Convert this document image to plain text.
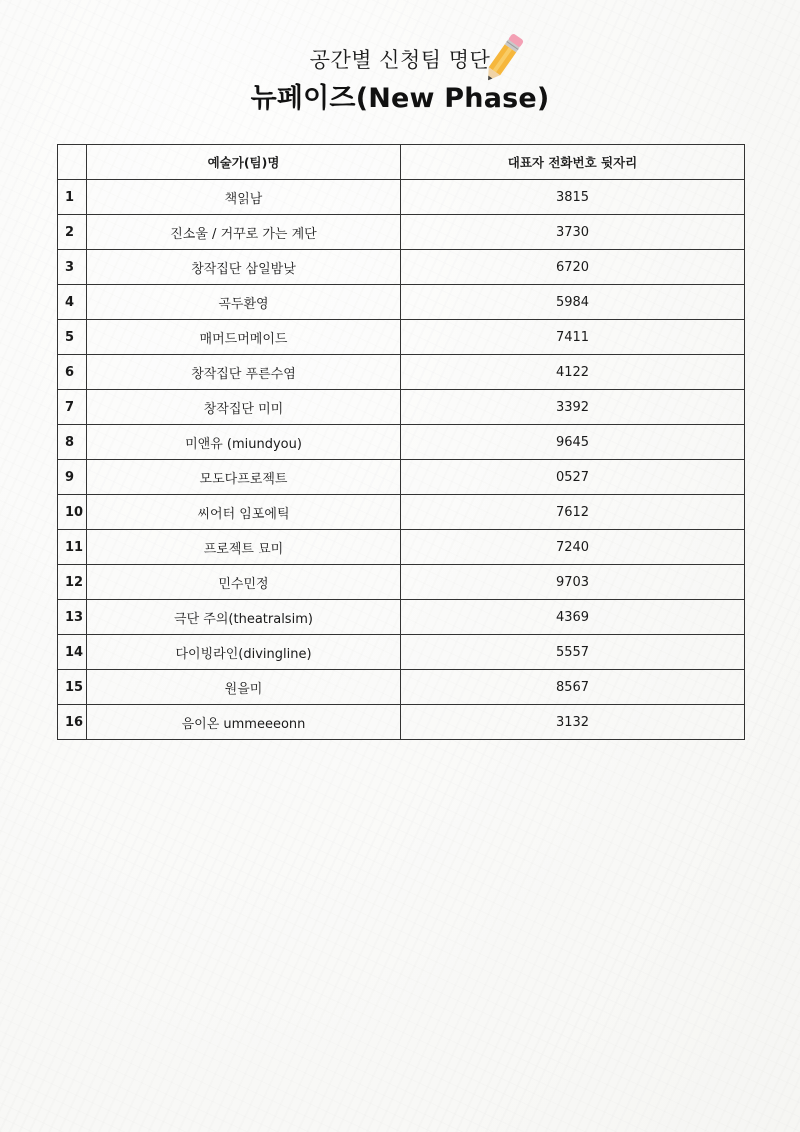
공간별 신청팀 명단
뉴페이즈(New Phase)
	예술가(팀)명	대표자 전화번호 뒷자리
1	책읽남	3815
2	진소울 / 거꾸로 가는 계단	3730
3	창작집단 삼일밤낮	6720
4	곡두환영	5984
5	매머드머메이드	7411
6	창작집단 푸른수염	4122
7	창작집단 미미	3392
8	미앤유 (miundyou)	9645
9	모도다프로젝트	0527
10	씨어터 임포에틱	7612
11	프로젝트 묘미	7240
12	민수민정	9703
13	극단 주의(theatralsim)	4369
14	다이빙라인(divingline)	5557
15	원을미	8567
16	음이온 ummeeeonn	3132
